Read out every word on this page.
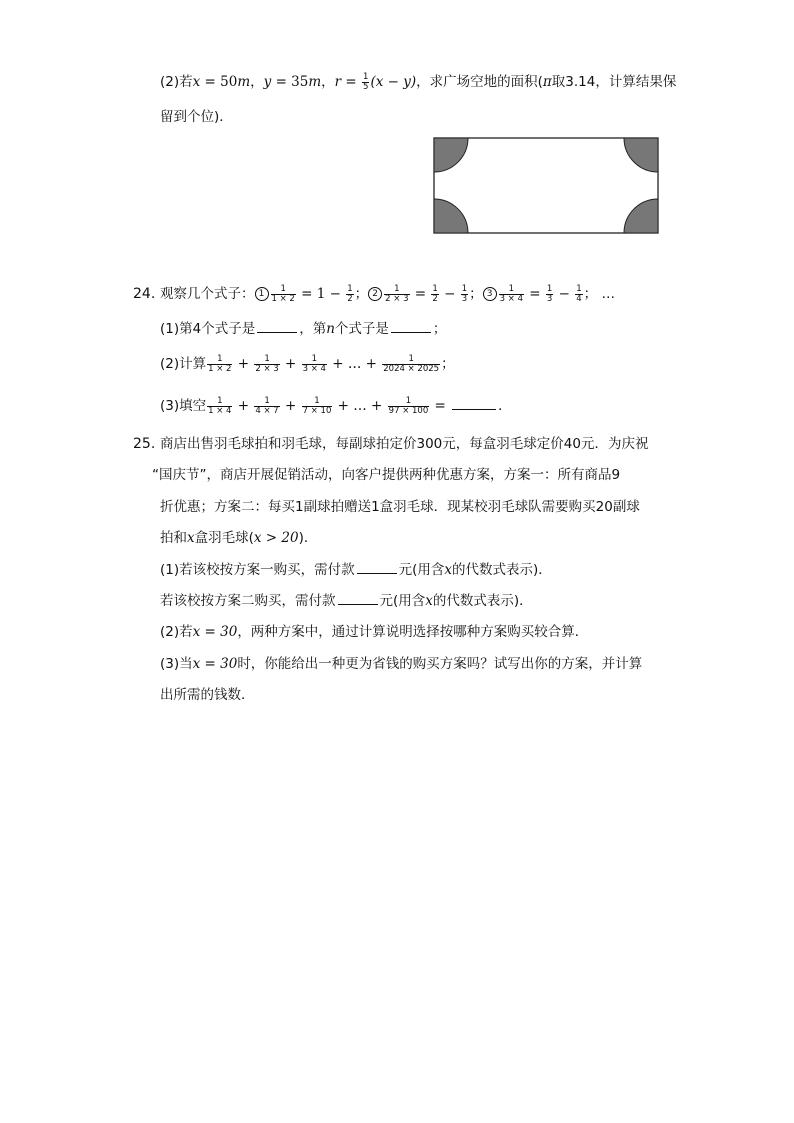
(2)若x = 50m，y = 35m，$r = \frac{1}{5} (x - y)$，求广场空地的面积(π取3.14，计算结果保
留到个位)．
24. 观察几个式子： $1 \frac{1}{1 \times 2} = 1 - \frac{1}{2}$ ； $2 \frac{1}{2 \times 3} = \frac{1}{2} - \frac{1}{3}$ ； $3 \frac{1}{3 \times 4} = \frac{1}{3} - \frac{1}{4}$ ； …
(1)第4个式子是	，第n个式子是	；
(2)计算 $\frac{1}{1 \times 2} + \frac{1}{2 \times 3} + \frac{1}{3 \times 4}$ + … + $\frac{1}{2024 \times 2025}$ ；
(3)填空 $\frac{1}{1 \times 4} + \frac{1}{4 \times 7} + \frac{1}{7 \times 10}$ + … + $\frac{1}{97 \times 100}$ =	．
25. 商店出售羽毛球拍和羽毛球，每副球拍定价300元，每盒羽毛球定价40元．为庆祝
“国庆节”，商店开展促销活动，向客户提供两种优惠方案，方案一：所有商品9
折优惠；方案二：每买1副球拍赠送1盒羽毛球．现某校羽毛球队需要购买20副球
拍和x盒羽毛球(x > 20)．
(1)若该校按方案一购买，需付款	元(用含x的代数式表示)．
若该校按方案二购买，需付款	元(用含x的代数式表示)．
(2)若x = 30，两种方案中，通过计算说明选择按哪种方案购买较合算．
(3)当x = 30时，你能给出一种更为省钱的购买方案吗？试写出你的方案，并计算
出所需的钱数．
